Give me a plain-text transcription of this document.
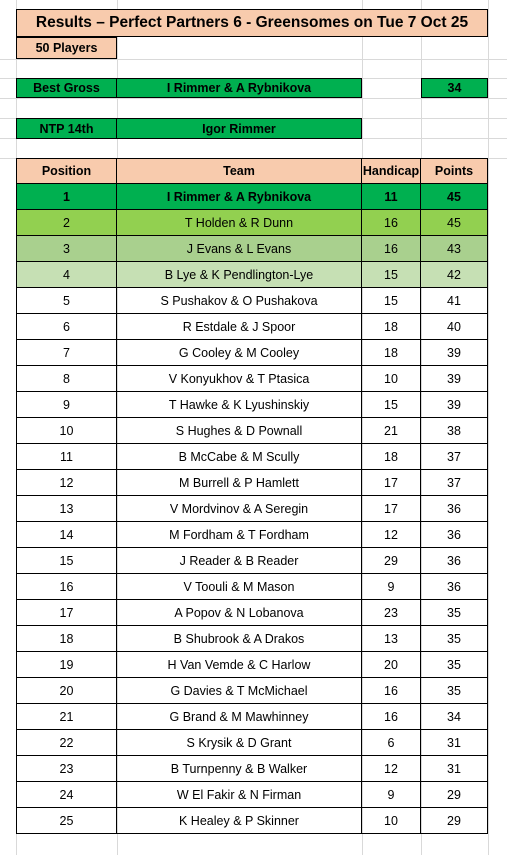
Results – Perfect Partners 6 - Greensomes on Tue 7 Oct 25
50 Players
Best Gross	I Rimmer & A Rybnikova	34
NTP 14th	Igor Rimmer
Position	Team	Handicap	Points
1	I Rimmer & A Rybnikova	11	45
2	T Holden & R Dunn	16	45
3	J Evans & L Evans	16	43
4	B Lye & K Pendlington-Lye	15	42
5	S Pushakov & O Pushakova	15	41
6	R Estdale & J Spoor	18	40
7	G Cooley & M Cooley	18	39
8	V Konyukhov & T Ptasica	10	39
9	T Hawke & K Lyushinskiy	15	39
10	S Hughes & D Pownall	21	38
11	B McCabe & M Scully	18	37
12	M Burrell & P Hamlett	17	37
13	V Mordvinov & A Seregin	17	36
14	M Fordham & T Fordham	12	36
15	J Reader & B Reader	29	36
16	V Toouli & M Mason	9	36
17	A Popov & N Lobanova	23	35
18	B Shubrook & A Drakos	13	35
19	H Van Vemde & C Harlow	20	35
20	G Davies & T McMichael	16	35
21	G Brand & M Mawhinney	16	34
22	S Krysik & D Grant	6	31
23	B Turnpenny & B Walker	12	31
24	W El Fakir & N Firman	9	29
25	K Healey & P Skinner	10	29
